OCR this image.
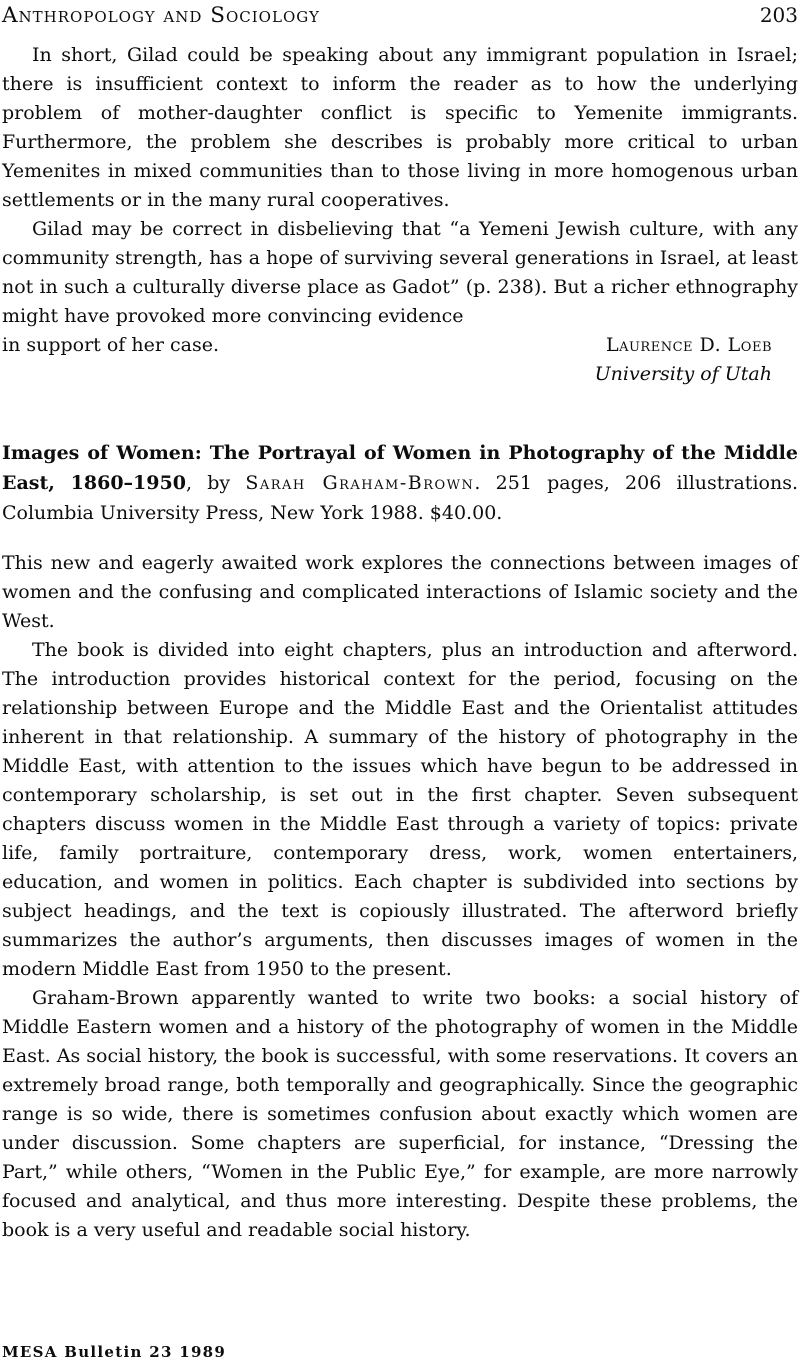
Anthropology and Sociology	203

In short, Gilad could be speaking about any immigrant population in Israel; there is insufficient context to inform the reader as to how the underlying problem of mother-daughter conflict is specific to Yemenite immigrants. Furthermore, the problem she describes is probably more critical to urban Yemenites in mixed communities than to those living in more homogenous urban settlements or in the many rural cooperatives.

Gilad may be correct in disbelieving that “a Yemeni Jewish culture, with any community strength, has a hope of surviving several generations in Israel, at least not in such a culturally diverse place as Gadot” (p. 238). But a richer ethnography might have provoked more convincing evidence

in support of her case.	Laurence D. Loeb
University of Utah

Images of Women: The Portrayal of Women in Photography of the Middle East, 1860–1950, by Sarah Graham-Brown. 251 pages, 206 illustrations. Columbia University Press, New York 1988. $40.00.

This new and eagerly awaited work explores the connections between images of women and the confusing and complicated interactions of Islamic society and the West.

The book is divided into eight chapters, plus an introduction and afterword. The introduction provides historical context for the period, focusing on the relationship between Europe and the Middle East and the Orientalist attitudes inherent in that relationship. A summary of the history of photography in the Middle East, with attention to the issues which have begun to be addressed in contemporary scholarship, is set out in the first chapter. Seven subsequent chapters discuss women in the Middle East through a variety of topics: private life, family portraiture, contemporary dress, work, women entertainers, education, and women in politics. Each chapter is subdivided into sections by subject headings, and the text is copiously illustrated. The afterword briefly summarizes the author’s arguments, then discusses images of women in the modern Middle East from 1950 to the present.

Graham-Brown apparently wanted to write two books: a social history of Middle Eastern women and a history of the photography of women in the Middle East. As social history, the book is successful, with some reservations. It covers an extremely broad range, both temporally and geographically. Since the geographic range is so wide, there is sometimes confusion about exactly which women are under discussion. Some chapters are superficial, for instance, “Dressing the Part,” while others, “Women in the Public Eye,” for example, are more narrowly focused and analytical, and thus more interesting. Despite these problems, the book is a very useful and readable social history.

MESA Bulletin 23 1989
